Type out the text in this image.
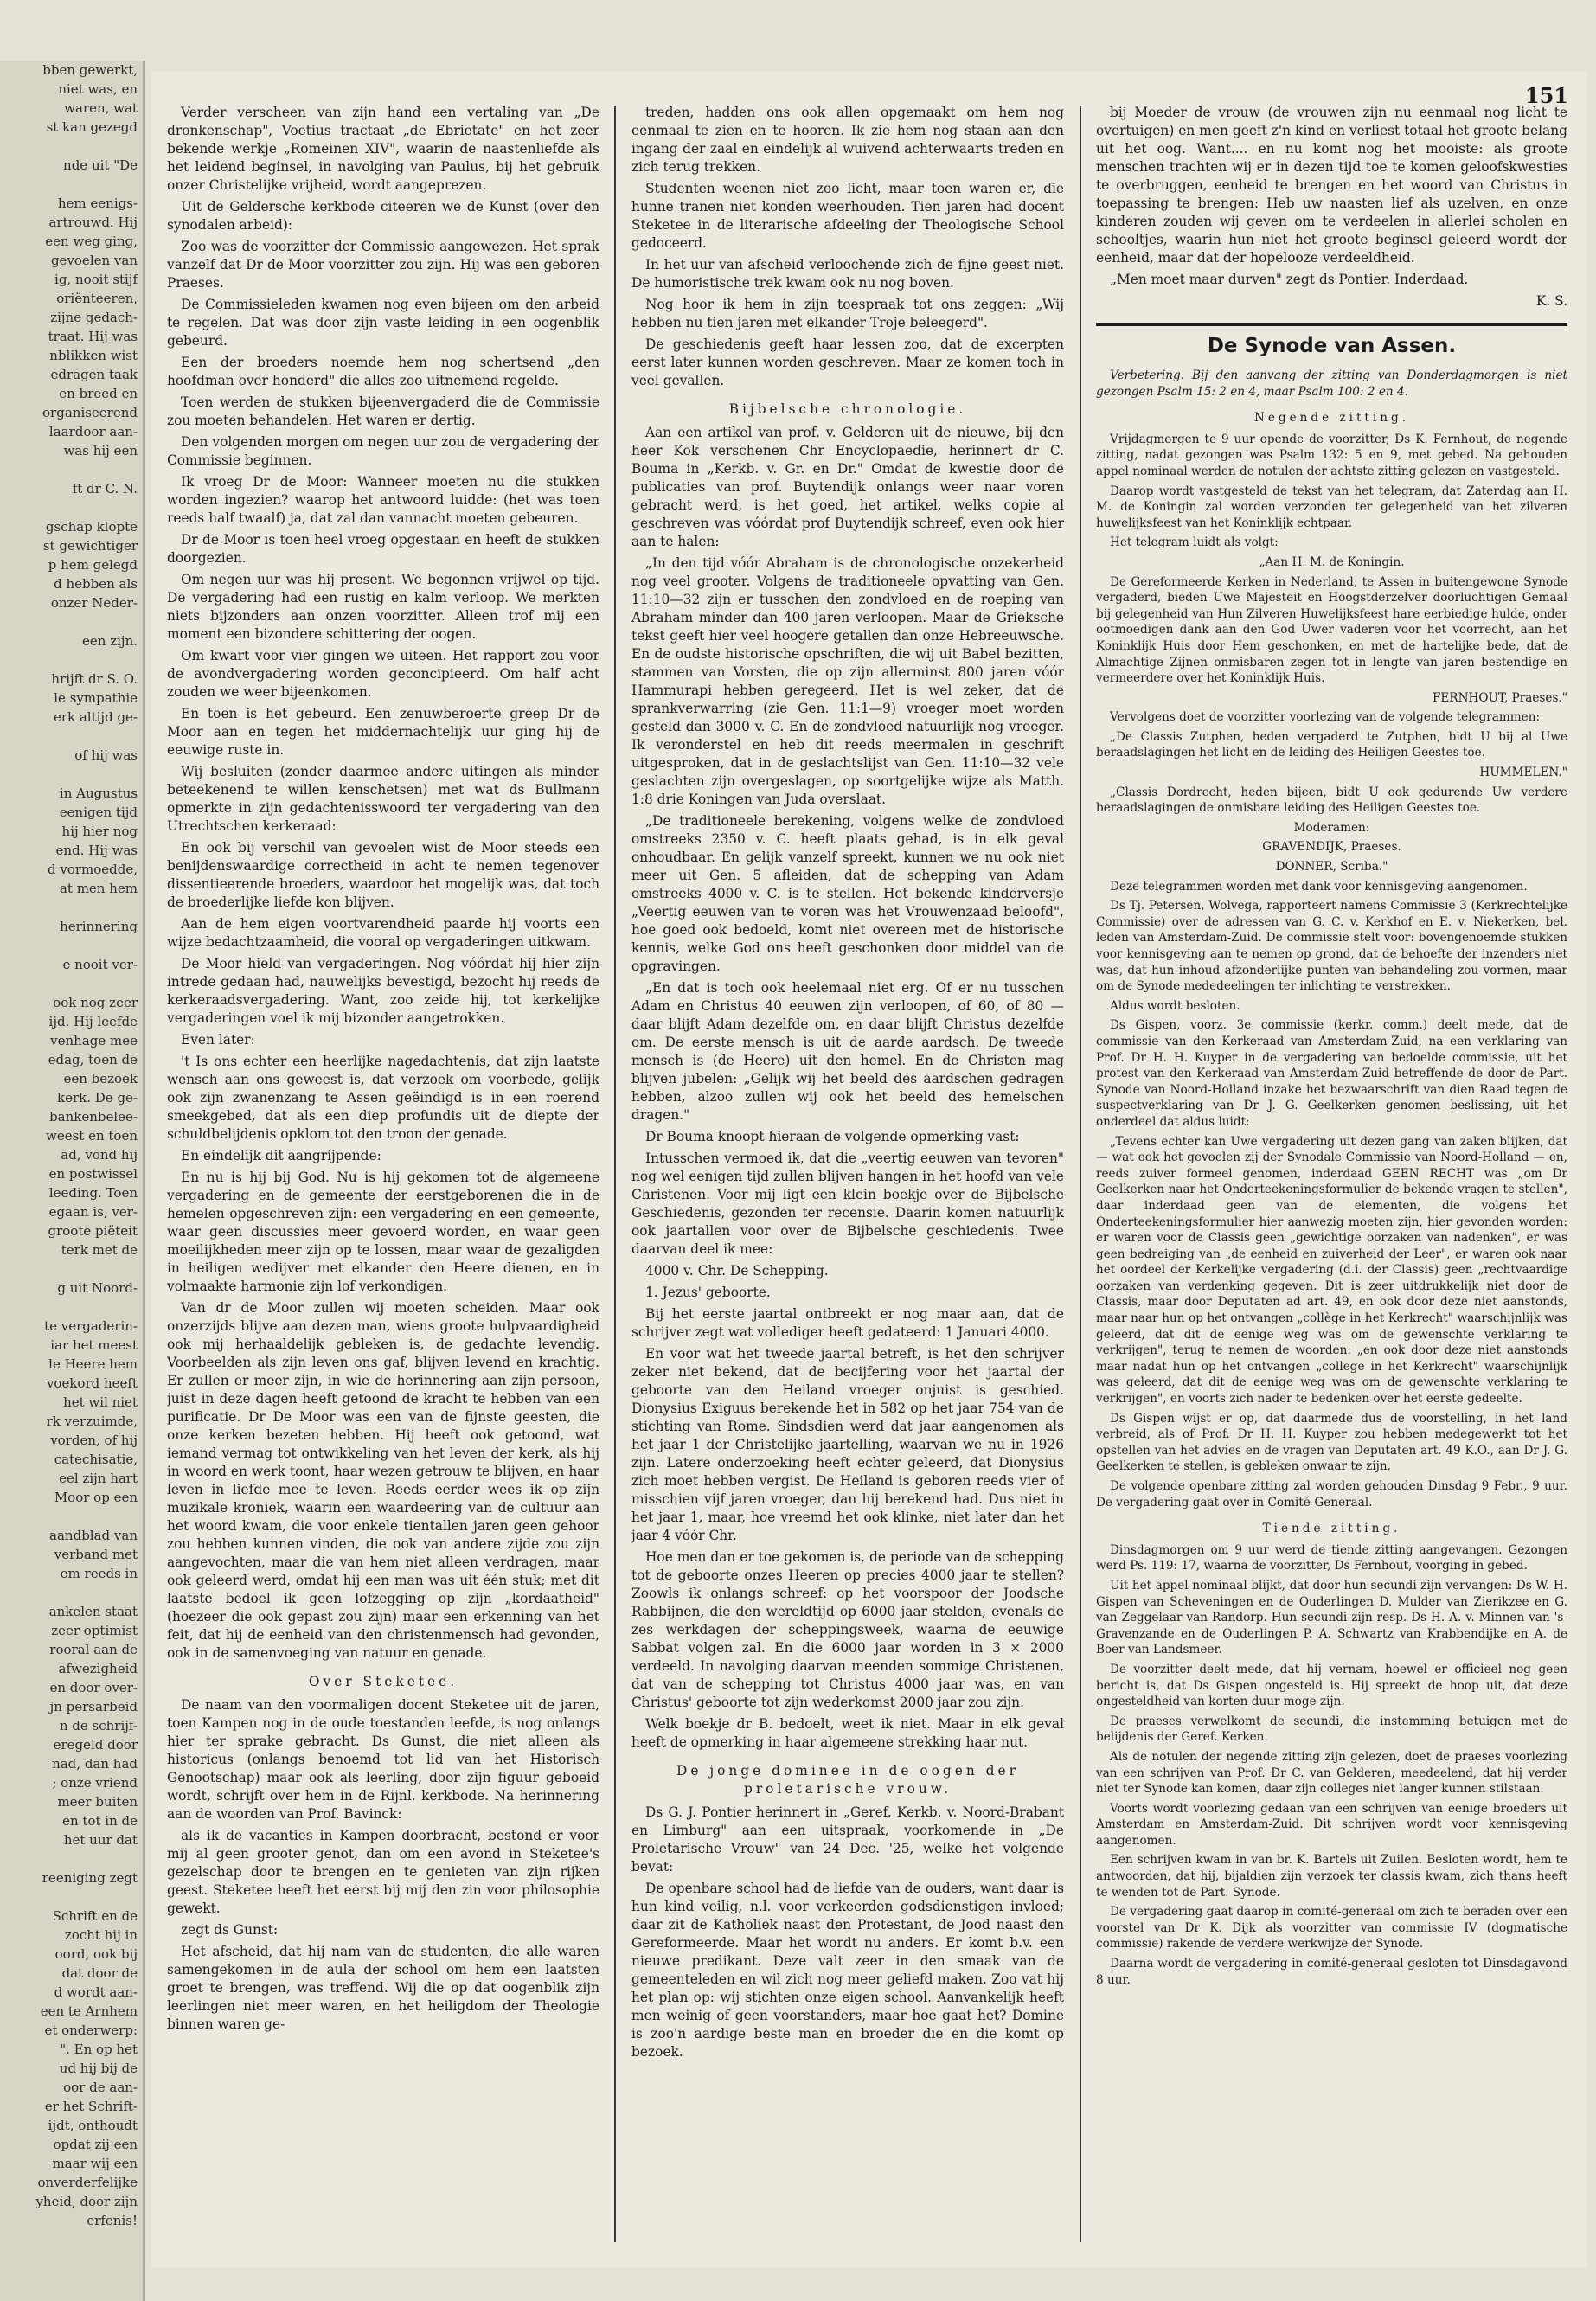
bben gewerkt,

niet was, en

waren, wat

st kan gezegd

nde uit "De

hem eenigs-

artrouwd. Hij

een weg ging,

gevoelen van

ig, nooit stijf

oriënteeren,

zijne gedach-

traat. Hij was

nblikken wist

edragen taak

en breed en

organiseerend

laardoor aan-

was hij een

ft dr C. N.

gschap klopte

st gewichtiger

p hem gelegd

d hebben als

onzer Neder-

een zijn.

hrijft dr S. O.

le sympathie

erk altijd ge-

of hij was

in Augustus

eenigen tijd

hij hier nog

end. Hij was

d vormoedde,

at men hem

herinnering

e nooit ver-

ook nog zeer

ijd. Hij leefde

venhage mee

edag, toen de

een bezoek

kerk. De ge-

bankenbelee-

weest en toen

ad, vond hij

en postwissel

leeding. Toen

egaan is, ver-

groote piëteit

terk met de

g uit Noord-

te vergaderin-

iar het meest

le Heere hem

voekord heeft

het wil niet

rk verzuimde,

vorden, of hij

catechisatie,

eel zijn hart

Moor op een

aandblad van

verband met

em reeds in

ankelen staat

zeer optimist

rooral aan de

afwezigheid

en door over-

jn persarbeid

n de schrijf-

eregeld door

nad, dan had

; onze vriend

meer buiten

en tot in de

het uur dat

reeniging zegt

Schrift en de

zocht hij in

oord, ook bij

dat door de

d wordt aan-

een te Arnhem

et onderwerp:

". En op het

ud hij bij de

oor de aan-

er het Schrift-

ijdt, onthoudt

opdat zij een

maar wij een

onverderfelijke

yheid, door zijn

erfenis!

151

Verder verscheen van zijn hand een vertaling van „De dronkenschap", Voetius tractaat „de Ebrietate" en het zeer bekende werkje „Romeinen XIV", waarin de naastenliefde als het leidend beginsel, in navolging van Paulus, bij het gebruik onzer Christelijke vrijheid, wordt aangeprezen.

Uit de Geldersche kerkbode citeeren we de Kunst (over den synodalen arbeid):

Zoo was de voorzitter der Commissie aangewezen. Het sprak vanzelf dat Dr de Moor voorzitter zou zijn. Hij was een geboren Praeses.

De Commissieleden kwamen nog even bijeen om den arbeid te regelen. Dat was door zijn vaste leiding in een oogenblik gebeurd.

Een der broeders noemde hem nog schertsend „den hoofdman over honderd" die alles zoo uitnemend regelde.

Toen werden de stukken bijeenvergaderd die de Commissie zou moeten behandelen. Het waren er dertig.

Den volgenden morgen om negen uur zou de vergadering der Commissie beginnen.

Ik vroeg Dr de Moor: Wanneer moeten nu die stukken worden ingezien? waarop het antwoord luidde: (het was toen reeds half twaalf) ja, dat zal dan vannacht moeten gebeuren.

Dr de Moor is toen heel vroeg opgestaan en heeft de stukken doorgezien.

Om negen uur was hij present. We begonnen vrijwel op tijd. De vergadering had een rustig en kalm verloop. We merkten niets bijzonders aan onzen voorzitter. Alleen trof mij een moment een bizondere schittering der oogen.

Om kwart voor vier gingen we uiteen. Het rapport zou voor de avondvergadering worden geconcipieerd. Om half acht zouden we weer bijeenkomen.

En toen is het gebeurd. Een zenuwberoerte greep Dr de Moor aan en tegen het middernachtelijk uur ging hij de eeuwige ruste in.

Wij besluiten (zonder daarmee andere uitingen als minder beteekenend te willen kenschetsen) met wat ds Bullmann opmerkte in zijn gedachtenisswoord ter vergadering van den Utrechtschen kerkeraad:

En ook bij verschil van gevoelen wist de Moor steeds een benijdenswaardige correctheid in acht te nemen tegenover dissentieerende broeders, waardoor het mogelijk was, dat toch de broederlijke liefde kon blijven.

Aan de hem eigen voortvarendheid paarde hij voorts een wijze bedachtzaamheid, die vooral op vergaderingen uitkwam.

De Moor hield van vergaderingen. Nog vóórdat hij hier zijn intrede gedaan had, nauwelijks bevestigd, bezocht hij reeds de kerkeraadsvergadering. Want, zoo zeide hij, tot kerkelijke vergaderingen voel ik mij bizonder aangetrokken.

Even later:

't Is ons echter een heerlijke nagedachtenis, dat zijn laatste wensch aan ons geweest is, dat verzoek om voorbede, gelijk ook zijn zwanenzang te Assen geëindigd is in een roerend smeekgebed, dat als een diep profundis uit de diepte der schuldbelijdenis opklom tot den troon der genade.

En eindelijk dit aangrijpende:

En nu is hij bij God. Nu is hij gekomen tot de algemeene vergadering en de gemeente der eerstgeborenen die in de hemelen opgeschreven zijn: een vergadering en een gemeente, waar geen discussies meer gevoerd worden, en waar geen moeilijkheden meer zijn op te lossen, maar waar de gezaligden in heiligen wedijver met elkander den Heere dienen, en in volmaakte harmonie zijn lof verkondigen.

Van dr de Moor zullen wij moeten scheiden. Maar ook onzerzijds blijve aan dezen man, wiens groote hulpvaardigheid ook mij herhaaldelijk gebleken is, de gedachte levendig. Voorbeelden als zijn leven ons gaf, blijven levend en krachtig. Er zullen er meer zijn, in wie de herinnering aan zijn persoon, juist in deze dagen heeft getoond de kracht te hebben van een purificatie. Dr De Moor was een van de fijnste geesten, die onze kerken bezeten hebben. Hij heeft ook getoond, wat iemand vermag tot ontwikkeling van het leven der kerk, als hij in woord en werk toont, haar wezen getrouw te blijven, en haar leven in liefde mee te leven. Reeds eerder wees ik op zijn muzikale kroniek, waarin een waardeering van de cultuur aan het woord kwam, die voor enkele tientallen jaren geen gehoor zou hebben kunnen vinden, die ook van andere zijde zou zijn aangevochten, maar die van hem niet alleen verdragen, maar ook geleerd werd, omdat hij een man was uit één stuk; met dit laatste bedoel ik geen lofzegging op zijn „kordaatheid" (hoezeer die ook gepast zou zijn) maar een erkenning van het feit, dat hij de eenheid van den christenmensch had gevonden, ook in de samenvoeging van natuur en genade.

Over Steketee.

De naam van den voormaligen docent Steketee uit de jaren, toen Kampen nog in de oude toestanden leefde, is nog onlangs hier ter sprake gebracht. Ds Gunst, die niet alleen als historicus (onlangs benoemd tot lid van het Historisch Genootschap) maar ook als leerling, door zijn figuur geboeid wordt, schrijft over hem in de Rijnl. kerkbode. Na herinnering aan de woorden van Prof. Bavinck:

als ik de vacanties in Kampen doorbracht, bestond er voor mij al geen grooter genot, dan om een avond in Steketee's gezelschap door te brengen en te genieten van zijn rijken geest. Steketee heeft het eerst bij mij den zin voor philosophie gewekt.

zegt ds Gunst:

Het afscheid, dat hij nam van de studenten, die alle waren samengekomen in de aula der school om hem een laatsten groet te brengen, was treffend. Wij die op dat oogenblik zijn leerlingen niet meer waren, en het heiligdom der Theologie binnen waren ge-

treden, hadden ons ook allen opgemaakt om hem nog eenmaal te zien en te hooren. Ik zie hem nog staan aan den ingang der zaal en eindelijk al wuivend achterwaarts treden en zich terug trekken.

Studenten weenen niet zoo licht, maar toen waren er, die hunne tranen niet konden weerhouden. Tien jaren had docent Steketee in de literarische afdeeling der Theologische School gedoceerd.

In het uur van afscheid verloochende zich de fijne geest niet. De humoristische trek kwam ook nu nog boven.

Nog hoor ik hem in zijn toespraak tot ons zeggen: „Wij hebben nu tien jaren met elkander Troje beleegerd".

De geschiedenis geeft haar lessen zoo, dat de excerpten eerst later kunnen worden geschreven. Maar ze komen toch in veel gevallen.

Bijbelsche chronologie.

Aan een artikel van prof. v. Gelderen uit de nieuwe, bij den heer Kok verschenen Chr Encyclopaedie, herinnert dr C. Bouma in „Kerkb. v. Gr. en Dr." Omdat de kwestie door de publicaties van prof. Buytendijk onlangs weer naar voren gebracht werd, is het goed, het artikel, welks copie al geschreven was vóórdat prof Buytendijk schreef, even ook hier aan te halen:

„In den tijd vóór Abraham is de chronologische onzekerheid nog veel grooter. Volgens de traditioneele opvatting van Gen. 11:10—32 zijn er tusschen den zondvloed en de roeping van Abraham minder dan 400 jaren verloopen. Maar de Grieksche tekst geeft hier veel hoogere getallen dan onze Hebreeuwsche. En de oudste historische opschriften, die wij uit Babel bezitten, stammen van Vorsten, die op zijn allerminst 800 jaren vóór Hammurapi hebben geregeerd. Het is wel zeker, dat de sprankverwarring (zie Gen. 11:1—9) vroeger moet worden gesteld dan 3000 v. C. En de zondvloed natuurlijk nog vroeger. Ik veronderstel en heb dit reeds meermalen in geschrift uitgesproken, dat in de geslachtslijst van Gen. 11:10—32 vele geslachten zijn overgeslagen, op soortgelijke wijze als Matth. 1:8 drie Koningen van Juda overslaat.

„De traditioneele berekening, volgens welke de zondvloed omstreeks 2350 v. C. heeft plaats gehad, is in elk geval onhoudbaar. En gelijk vanzelf spreekt, kunnen we nu ook niet meer uit Gen. 5 afleiden, dat de schepping van Adam omstreeks 4000 v. C. is te stellen. Het bekende kinderversje „Veertig eeuwen van te voren was het Vrouwenzaad beloofd", hoe goed ook bedoeld, komt niet overeen met de historische kennis, welke God ons heeft geschonken door middel van de opgravingen.

„En dat is toch ook heelemaal niet erg. Of er nu tusschen Adam en Christus 40 eeuwen zijn verloopen, of 60, of 80 — daar blijft Adam dezelfde om, en daar blijft Christus dezelfde om. De eerste mensch is uit de aarde aardsch. De tweede mensch is (de Heere) uit den hemel. En de Christen mag blijven jubelen: „Gelijk wij het beeld des aardschen gedragen hebben, alzoo zullen wij ook het beeld des hemelschen dragen."

Dr Bouma knoopt hieraan de volgende opmerking vast:

Intusschen vermoed ik, dat die „veertig eeuwen van tevoren" nog wel eenigen tijd zullen blijven hangen in het hoofd van vele Christenen. Voor mij ligt een klein boekje over de Bijbelsche Geschiedenis, gezonden ter recensie. Daarin komen natuurlijk ook jaartallen voor over de Bijbelsche geschiedenis. Twee daarvan deel ik mee:

4000 v. Chr. De Schepping.

1. Jezus' geboorte.

Bij het eerste jaartal ontbreekt er nog maar aan, dat de schrijver zegt wat vollediger heeft gedateerd: 1 Januari 4000.

En voor wat het tweede jaartal betreft, is het den schrijver zeker niet bekend, dat de becijfering voor het jaartal der geboorte van den Heiland vroeger onjuist is geschied. Dionysius Exiguus berekende het in 582 op het jaar 754 van de stichting van Rome. Sindsdien werd dat jaar aangenomen als het jaar 1 der Christelijke jaartelling, waarvan we nu in 1926 zijn. Latere onderzoeking heeft echter geleerd, dat Dionysius zich moet hebben vergist. De Heiland is geboren reeds vier of misschien vijf jaren vroeger, dan hij berekend had. Dus niet in het jaar 1, maar, hoe vreemd het ook klinke, niet later dan het jaar 4 vóór Chr.

Hoe men dan er toe gekomen is, de periode van de schepping tot de geboorte onzes Heeren op precies 4000 jaar te stellen? Zoowls ik onlangs schreef: op het voorspoor der Joodsche Rabbijnen, die den wereldtijd op 6000 jaar stelden, evenals de zes werkdagen der scheppingsweek, waarna de eeuwige Sabbat volgen zal. En die 6000 jaar worden in 3 × 2000 verdeeld. In navolging daarvan meenden sommige Christenen, dat van de schepping tot Christus 4000 jaar was, en van Christus' geboorte tot zijn wederkomst 2000 jaar zou zijn.

Welk boekje dr B. bedoelt, weet ik niet. Maar in elk geval heeft de opmerking in haar algemeene strekking haar nut.

De jonge dominee in de oogen der proletarische vrouw.

Ds G. J. Pontier herinnert in „Geref. Kerkb. v. Noord-Brabant en Limburg" aan een uitspraak, voorkomende in „De Proletarische Vrouw" van 24 Dec. '25, welke het volgende bevat:

De openbare school had de liefde van de ouders, want daar is hun kind veilig, n.l. voor verkeerden godsdienstigen invloed; daar zit de Katholiek naast den Protestant, de Jood naast den Gereformeerde. Maar het wordt nu anders. Er komt b.v. een nieuwe predikant. Deze valt zeer in den smaak van de gemeenteleden en wil zich nog meer geliefd maken. Zoo vat hij het plan op: wij stichten onze eigen school. Aanvankelijk heeft men weinig of geen voorstanders, maar hoe gaat het? Domine is zoo'n aardige beste man en broeder die en die komt op bezoek.

bij Moeder de vrouw (de vrouwen zijn nu eenmaal nog licht te overtuigen) en men geeft z'n kind en verliest totaal het groote belang uit het oog. Want.... en nu komt nog het mooiste: als groote menschen trachten wij er in dezen tijd toe te komen geloofskwesties te overbruggen, eenheid te brengen en het woord van Christus in toepassing te brengen: Heb uw naasten lief als uzelven, en onze kinderen zouden wij geven om te verdeelen in allerlei scholen en schooltjes, waarin hun niet het groote beginsel geleerd wordt der eenheid, maar dat der hopelooze verdeeldheid.

„Men moet maar durven" zegt ds Pontier. Inderdaad.

K. S.

De Synode van Assen.

Verbetering. Bij den aanvang der zitting van Donderdagmorgen is niet gezongen Psalm 15: 2 en 4, maar Psalm 100: 2 en 4.

Negende zitting.

Vrijdagmorgen te 9 uur opende de voorzitter, Ds K. Fernhout, de negende zitting, nadat gezongen was Psalm 132: 5 en 9, met gebed. Na gehouden appel nominaal werden de notulen der achtste zitting gelezen en vastgesteld.

Daarop wordt vastgesteld de tekst van het telegram, dat Zaterdag aan H. M. de Koningin zal worden verzonden ter gelegenheid van het zilveren huwelijksfeest van het Koninklijk echtpaar.

Het telegram luidt als volgt:

„Aan H. M. de Koningin.

De Gereformeerde Kerken in Nederland, te Assen in buitengewone Synode vergaderd, bieden Uwe Majesteit en Hoogstderzelver doorluchtigen Gemaal bij gelegenheid van Hun Zilveren Huwelijksfeest hare eerbiedige hulde, onder ootmoedigen dank aan den God Uwer vaderen voor het voorrecht, aan het Koninklijk Huis door Hem geschonken, en met de hartelijke bede, dat de Almachtige Zijnen onmisbaren zegen tot in lengte van jaren bestendige en vermeerdere over het Koninklijk Huis.

FERNHOUT, Praeses."

Vervolgens doet de voorzitter voorlezing van de volgende telegrammen:

„De Classis Zutphen, heden vergaderd te Zutphen, bidt U bij al Uwe beraadslagingen het licht en de leiding des Heiligen Geestes toe.

HUMMELEN."

„Classis Dordrecht, heden bijeen, bidt U ook gedurende Uw verdere beraadslagingen de onmisbare leiding des Heiligen Geestes toe.

Moderamen:

GRAVENDIJK, Praeses.

DONNER, Scriba."

Deze telegrammen worden met dank voor kennisgeving aangenomen.

Ds Tj. Petersen, Wolvega, rapporteert namens Commissie 3 (Kerkrechtelijke Commissie) over de adressen van G. C. v. Kerkhof en E. v. Niekerken, bel. leden van Amsterdam-Zuid. De commissie stelt voor: bovengenoemde stukken voor kennisgeving aan te nemen op grond, dat de behoefte der inzenders niet was, dat hun inhoud afzonderlijke punten van behandeling zou vormen, maar om de Synode mededeelingen ter inlichting te verstrekken.

Aldus wordt besloten.

Ds Gispen, voorz. 3e commissie (kerkr. comm.) deelt mede, dat de commissie van den Kerkeraad van Amsterdam-Zuid, na een verklaring van Prof. Dr H. H. Kuyper in de vergadering van bedoelde commissie, uit het protest van den Kerkeraad van Amsterdam-Zuid betreffende de door de Part. Synode van Noord-Holland inzake het bezwaarschrift van dien Raad tegen de suspectverklaring van Dr J. G. Geelkerken genomen beslissing, uit het onderdeel dat aldus luidt:

„Tevens echter kan Uwe vergadering uit dezen gang van zaken blijken, dat — wat ook het gevoelen zij der Synodale Commissie van Noord-Holland — en, reeds zuiver formeel genomen, inderdaad GEEN RECHT was „om Dr Geelkerken naar het Onderteekeningsformulier de bekende vragen te stellen", daar inderdaad geen van de elementen, die volgens het Onderteekeningsformulier hier aanwezig moeten zijn, hier gevonden worden: er waren voor de Classis geen „gewichtige oorzaken van nadenken", er was geen bedreiging van „de eenheid en zuiverheid der Leer", er waren ook naar het oordeel der Kerkelijke vergadering (d.i. der Classis) geen „rechtvaardige oorzaken van verdenking gegeven. Dit is zeer uitdrukkelijk niet door de Classis, maar door Deputaten ad art. 49, en ook door deze niet aanstonds, maar naar hun op het ontvangen „collège in het Kerkrecht" waarschijnlijk was geleerd, dat dit de eenige weg was om de gewenschte verklaring te verkrijgen", terug te nemen de woorden: „en ook door deze niet aanstonds maar nadat hun op het ontvangen „college in het Kerkrecht" waarschijnlijk was geleerd, dat dit de eenige weg was om de gewenschte verklaring te verkrijgen", en voorts zich nader te bedenken over het eerste gedeelte.

Ds Gispen wijst er op, dat daarmede dus de voorstelling, in het land verbreid, als of Prof. Dr H. H. Kuyper zou hebben medegewerkt tot het opstellen van het advies en de vragen van Deputaten art. 49 K.O., aan Dr J. G. Geelkerken te stellen, is gebleken onwaar te zijn.

De volgende openbare zitting zal worden gehouden Dinsdag 9 Febr., 9 uur. De vergadering gaat over in Comité-Generaal.

Tiende zitting.

Dinsdagmorgen om 9 uur werd de tiende zitting aangevangen. Gezongen werd Ps. 119: 17, waarna de voorzitter, Ds Fernhout, voorging in gebed.

Uit het appel nominaal blijkt, dat door hun secundi zijn vervangen: Ds W. H. Gispen van Scheveningen en de Ouderlingen D. Mulder van Zierikzee en G. van Zeggelaar van Randorp. Hun secundi zijn resp. Ds H. A. v. Minnen van 's-Gravenzande en de Ouderlingen P. A. Schwartz van Krabbendijke en A. de Boer van Landsmeer.

De voorzitter deelt mede, dat hij vernam, hoewel er officieel nog geen bericht is, dat Ds Gispen ongesteld is. Hij spreekt de hoop uit, dat deze ongesteldheid van korten duur moge zijn.

De praeses verwelkomt de secundi, die instemming betuigen met de belijdenis der Geref. Kerken.

Als de notulen der negende zitting zijn gelezen, doet de praeses voorlezing van een schrijven van Prof. Dr C. van Gelderen, meedeelend, dat hij verder niet ter Synode kan komen, daar zijn colleges niet langer kunnen stilstaan.

Voorts wordt voorlezing gedaan van een schrijven van eenige broeders uit Amsterdam en Amsterdam-Zuid. Dit schrijven wordt voor kennisgeving aangenomen.

Een schrijven kwam in van br. K. Bartels uit Zuilen. Besloten wordt, hem te antwoorden, dat hij, bijaldien zijn verzoek ter classis kwam, zich thans heeft te wenden tot de Part. Synode.

De vergadering gaat daarop in comité-generaal om zich te beraden over een voorstel van Dr K. Dijk als voorzitter van commissie IV (dogmatische commissie) rakende de verdere werkwijze der Synode.

Daarna wordt de vergadering in comité-generaal gesloten tot Dinsdagavond 8 uur.
